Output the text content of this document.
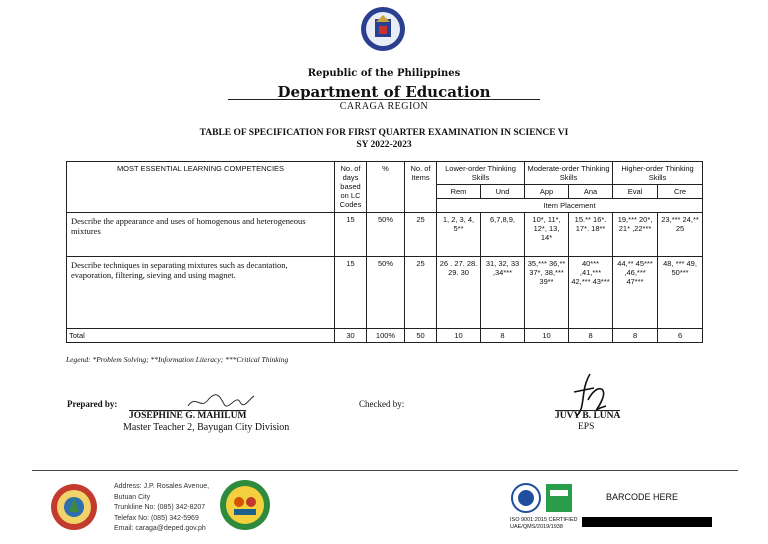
Republic of the Philippines
Department of Education
CARAGA REGION
TABLE OF SPECIFICATION FOR FIRST QUARTER EXAMINATION IN SCIENCE VI
SY 2022-2023
MOST ESSENTIAL LEARNING COMPETENCIES	No. of days based on LC Codes	%	No. of Items	Lower-order Thinking Skills		Moderate-order Thinking Skills		Higher-order Thinking Skills	
				Rem	Und	App	Ana	Eval	Cre
				Item Placement					
Describe the appearance and uses of homogenous and heterogeneous mixtures	15	50%	25	1, 2, 3, 4, 5**	6,7,8,9,	10*, 11*, 12*, 13, 14*	15.** 16*. 17*. 18**	19,*** 20*, 21* ,22***	23,*** 24,** 25
Describe techniques in separating mixtures such as decantation, evaporation, filtering, sieving and using magnet.	15	50%	25	26 . 27. 28. 29. 30	31, 32, 33 ,34***	35,*** 36,** 37*, 38,*** 39**	40*** ,41,*** 42,*** 43***	44,** 45*** ,46,*** 47***	48, *** 49, 50***
Total	30	100%	50	10	8	10	8	8	6
Legend: *Problem Solving; **Information Literacy; ***Critical Thinking
Prepared by:
JOSEPHINE G. MAHILUM
Master Teacher 2, Bayugan City Division
Checked by:
JUVY B. LUNA
EPS
Address: J.P. Rosales Avenue,
Butuan City
Trunkline No: (085) 342-8207
Telefax No: (085) 342-5969
Email: caraga@deped.gov.ph
ISO 9001:2015 CERTIFIED
UAE/QMS/2019/1938
BARCODE HERE
